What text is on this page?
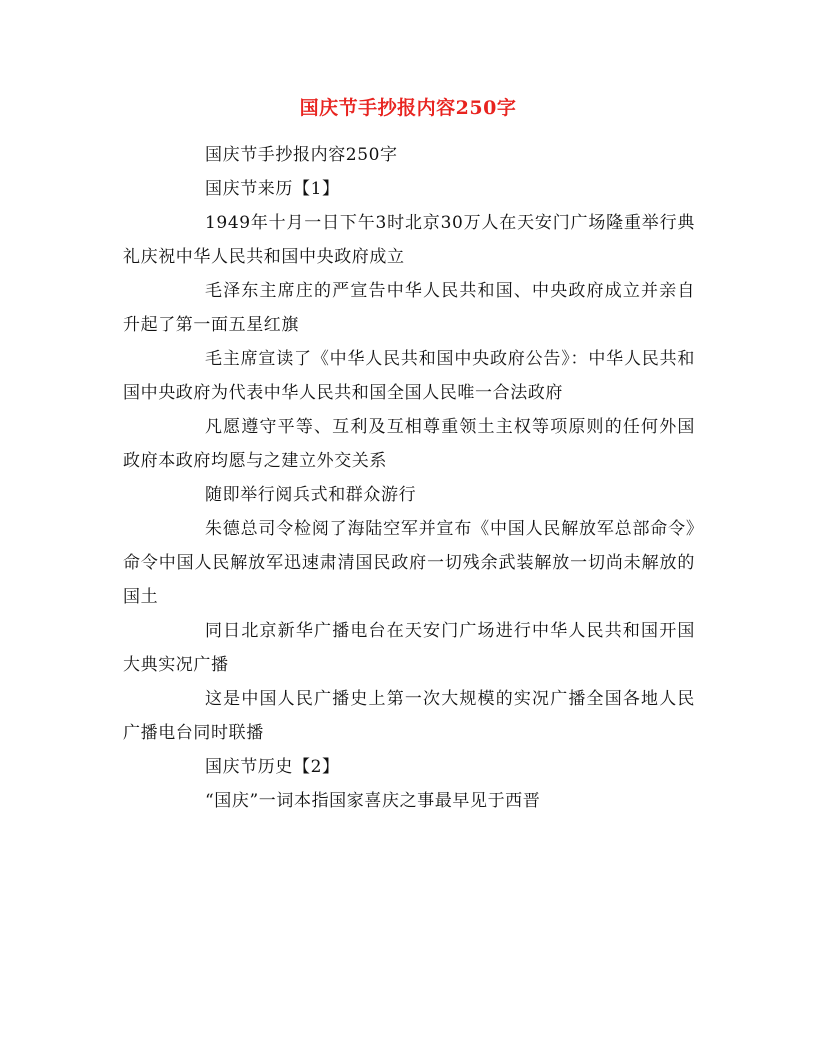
国庆节手抄报内容250字

国庆节手抄报内容250字

国庆节来历【1】

1949年十月一日下午3时北京30万人在天安门广场隆重举行典礼庆祝中华人民共和国中央政府成立

毛泽东主席庄的严宣告中华人民共和国、中央政府成立并亲自升起了第一面五星红旗

毛主席宣读了《中华人民共和国中央政府公告》：中华人民共和国中央政府为代表中华人民共和国全国人民唯一合法政府

凡愿遵守平等、互利及互相尊重领土主权等项原则的任何外国政府本政府均愿与之建立外交关系

随即举行阅兵式和群众游行

朱德总司令检阅了海陆空军并宣布《中国人民解放军总部命令》命令中国人民解放军迅速肃清国民政府一切残余武装解放一切尚未解放的国土

同日北京新华广播电台在天安门广场进行中华人民共和国开国大典实况广播

这是中国人民广播史上第一次大规模的实况广播全国各地人民广播电台同时联播

国庆节历史【2】

“国庆”一词本指国家喜庆之事最早见于西晋
